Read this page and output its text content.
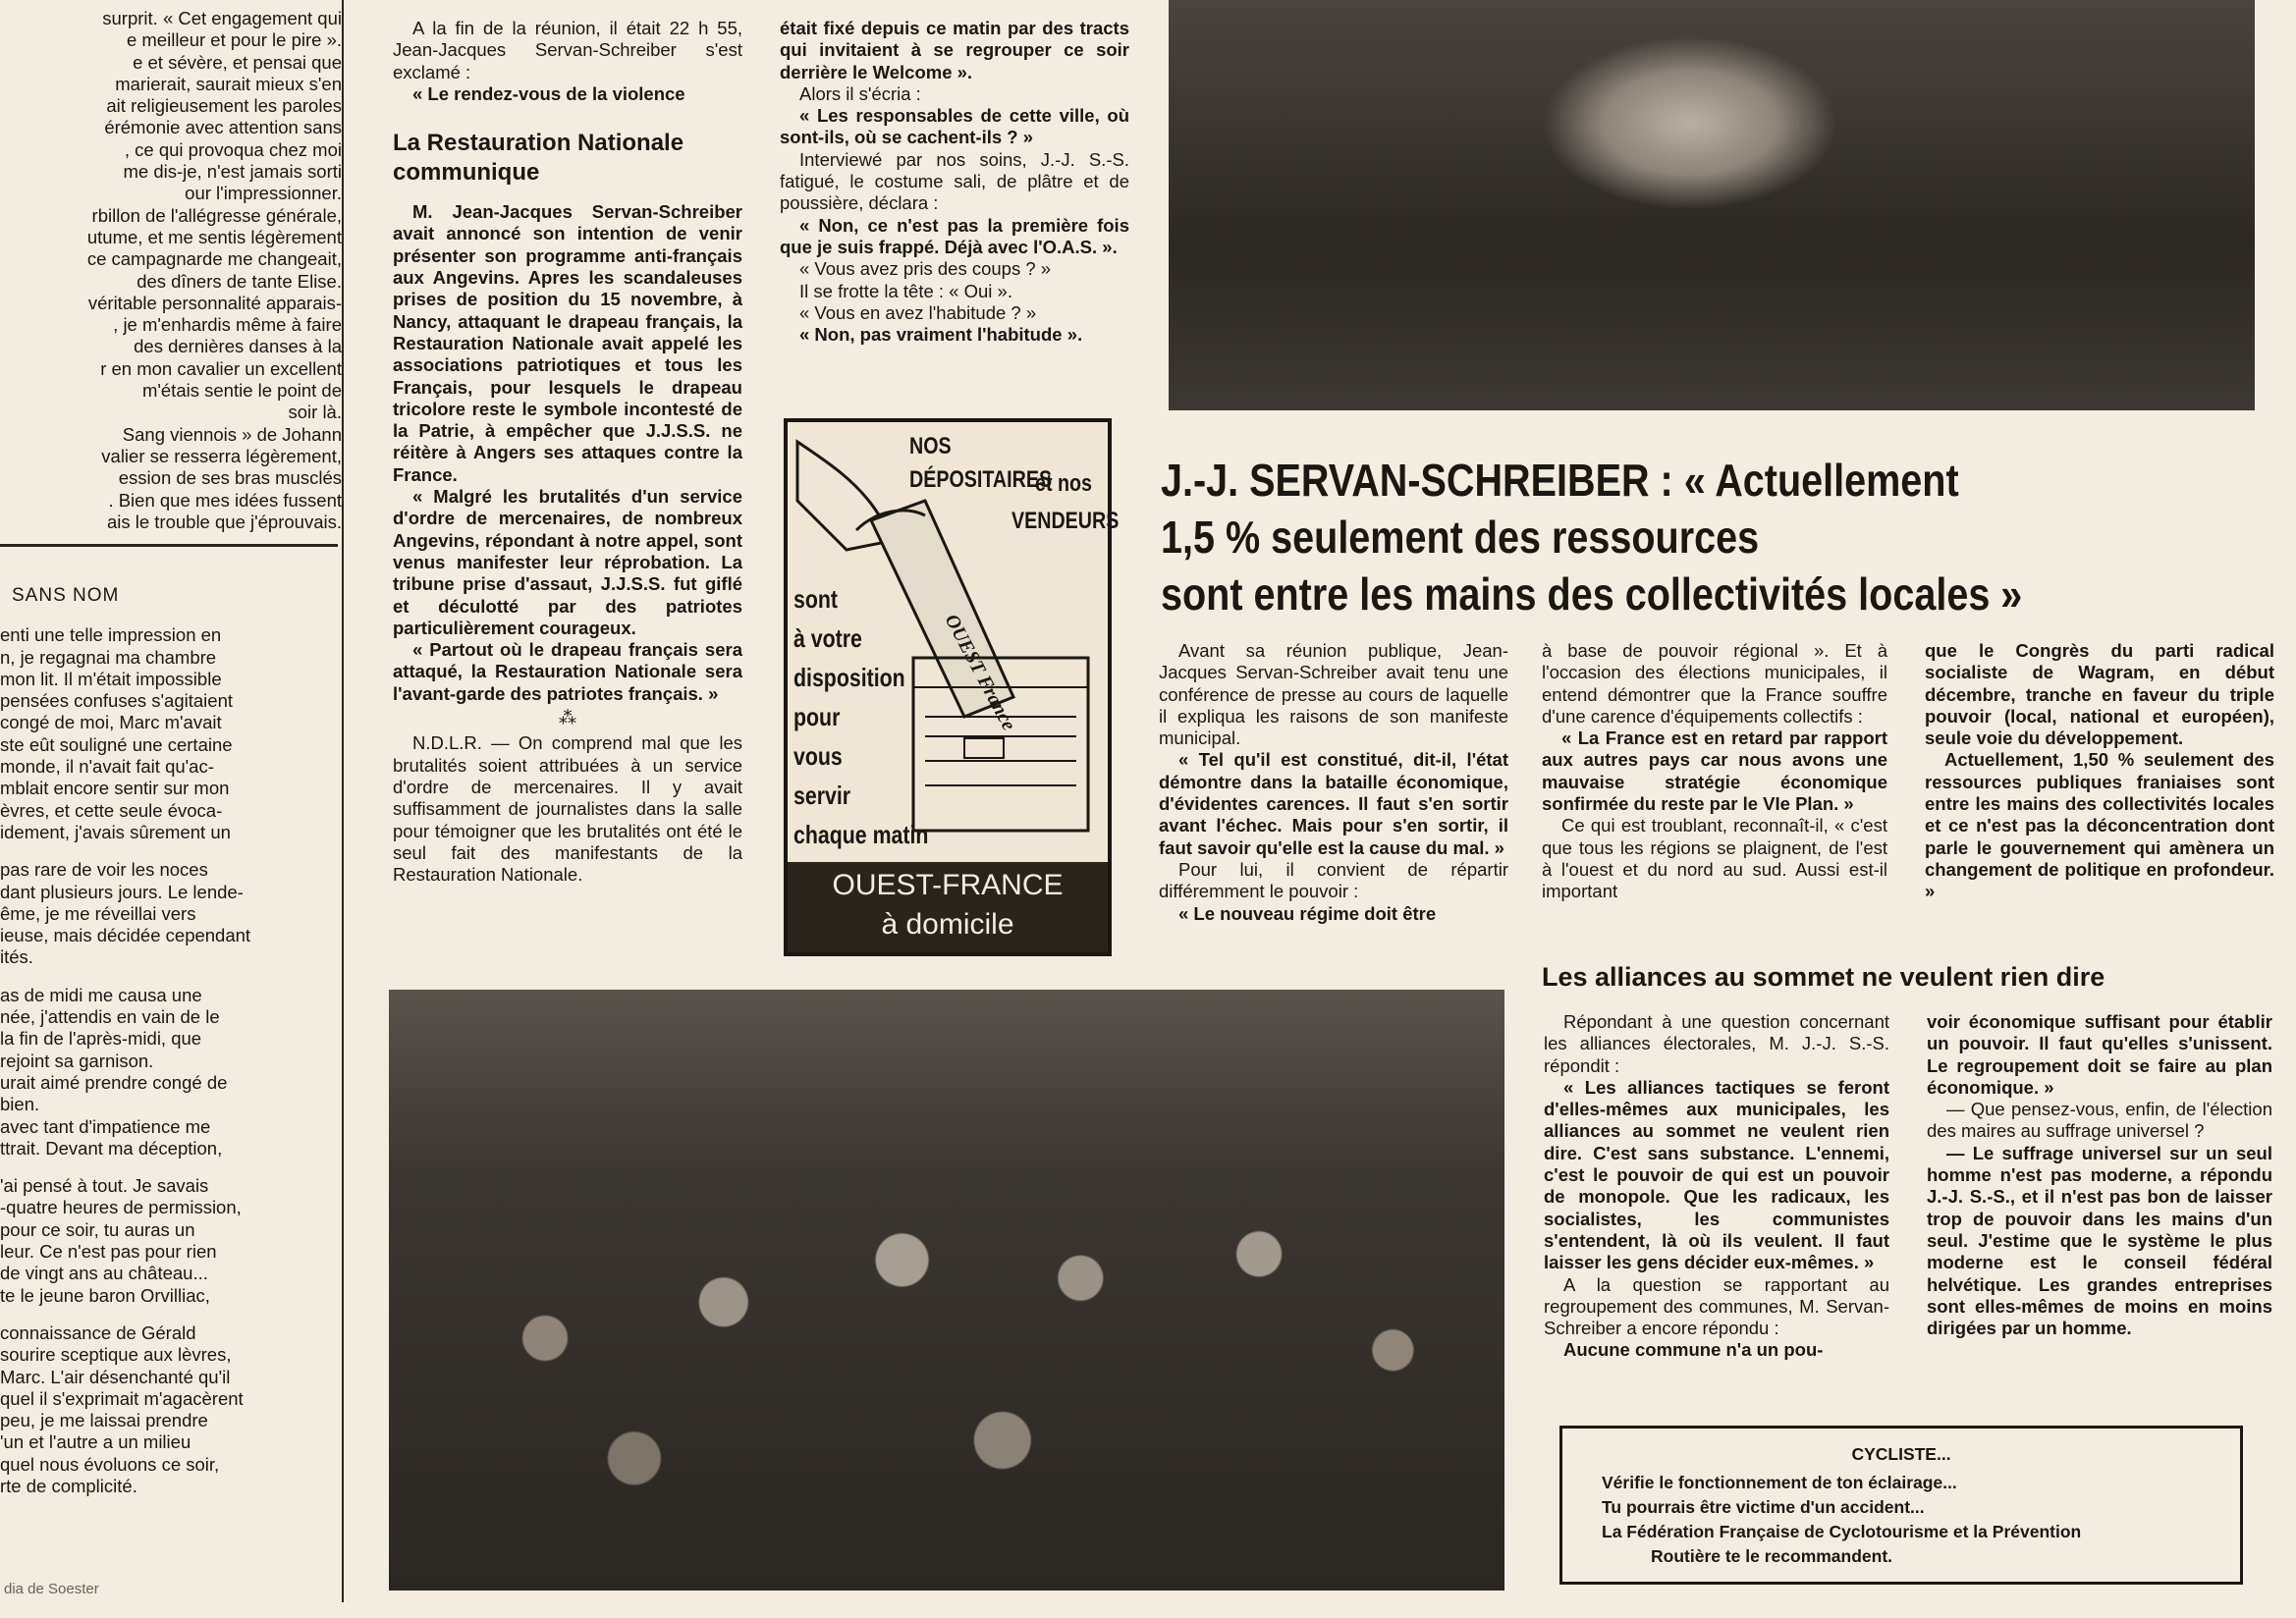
surprit. « Cet engagement qui
e meilleur et pour le pire ».
e et sévère, et pensai que
marierait, saurait mieux s'en
ait religieusement les paroles
érémonie avec attention sans
, ce qui provoqua chez moi
me dis-je, n'est jamais sorti
our l'impressionner.
rbillon de l'allégresse générale,
utume, et me sentis légèrement
ce campagnarde me changeait,
des dîners de tante Elise.
véritable personnalité apparais-
, je m'enhardis même à faire
des dernières danses à la
r en mon cavalier un excellent
m'étais sentie le point de
soir là.
Sang viennois » de Johann
valier se resserra légèrement,
ession de ses bras musclés
. Bien que mes idées fussent
ais le trouble que j'éprouvais.
SANS NOM
enti une telle impression en
n, je regagnai ma chambre
mon lit. Il m'était impossible
pensées confuses s'agitaient
congé de moi, Marc m'avait
ste eût souligné une certaine
monde, il n'avait fait qu'ac-
mblait encore sentir sur mon
èvres, et cette seule évoca-
idement, j'avais sûrement un
pas rare de voir les noces
dant plusieurs jours. Le lende-
ême, je me réveillai vers
ieuse, mais décidée cependant
ités.
as de midi me causa une
née, j'attendis en vain de le
la fin de l'après-midi, que
rejoint sa garnison.
urait aimé prendre congé de
bien.
avec tant d'impatience me
ttrait. Devant ma déception,
'ai pensé à tout. Je savais
-quatre heures de permission,
pour ce soir, tu auras un
leur. Ce n'est pas pour rien
de vingt ans au château...
te le jeune baron Orvilliac,
connaissance de Gérald
sourire sceptique aux lèvres,
Marc. L'air désenchanté qu'il
quel il s'exprimait m'agacèrent
peu, je me laissai prendre
'un et l'autre a un milieu
quel nous évoluons ce soir,
rte de complicité.
dia de Soester

A la fin de la réunion, il était 22 h 55, Jean-Jacques Servan-Schreiber s'est exclamé :

« Le rendez-vous de la violence

La Restauration Nationale communique

M. Jean-Jacques Servan-Schreiber avait annoncé son intention de venir présenter son programme anti-français aux Angevins. Apres les scandaleuses prises de position du 15 novembre, à Nancy, attaquant le drapeau français, la Restauration Nationale avait appelé les associations patriotiques et tous les Français, pour lesquels le drapeau tricolore reste le symbole incontesté de la Patrie, à empêcher que J.J.S.S. ne réitère à Angers ses attaques contre la France.

« Malgré les brutalités d'un service d'ordre de mercenaires, de nombreux Angevins, répondant à notre appel, sont venus manifester leur réprobation. La tribune prise d'assaut, J.J.S.S. fut giflé et déculotté par des patriotes particulièrement courageux.

« Partout où le drapeau français sera attaqué, la Restauration Nationale sera l'avant-garde des patriotes français. »

⁂

N.D.L.R. — On comprend mal que les brutalités soient attribuées à un service d'ordre de mercenaires. Il y avait suffisamment de journalistes dans la salle pour témoigner que les brutalités ont été le seul fait des manifestants de la Restauration Nationale.

était fixé depuis ce matin par des tracts qui invitaient à se regrouper ce soir derrière le Welcome ».

Alors il s'écria :

« Les responsables de cette ville, où sont-ils, où se cachent-ils ? »

Interviewé par nos soins, J.-J. S.-S. fatigué, le costume sali, de plâtre et de poussière, déclara :

« Non, ce n'est pas la première fois que je suis frappé. Déjà avec l'O.A.S. ».

« Vous avez pris des coups ? »

Il se frotte la tête : « Oui ».

« Vous en avez l'habitude ? »

« Non, pas vraiment l'habitude ».

OUEST France
NOS DÉPOSITAIRES
et nos
VENDEURS
sont
à votre
disposition
pour
vous
servir
chaque matin
OUEST-FRANCE
à domicile
J.-J. SERVAN-SCHREIBER : « Actuellement
1,5 % seulement des ressources
sont entre les mains des collectivités locales »

Avant sa réunion publique, Jean-Jacques Servan-Schreiber avait tenu une conférence de presse au cours de laquelle il expliqua les raisons de son manifeste municipal.

« Tel qu'il est constitué, dit-il, l'état démontre dans la bataille économique, d'évidentes carences. Il faut s'en sortir avant l'échec. Mais pour s'en sortir, il faut savoir qu'elle est la cause du mal. »

Pour lui, il convient de répartir différemment le pouvoir :

« Le nouveau régime doit être

à base de pouvoir régional ». Et à l'occasion des élections municipales, il entend démontrer que la France souffre d'une carence d'équipements collectifs :

« La France est en retard par rapport aux autres pays car nous avons une mauvaise stratégie économique sonfirmée du reste par le VIe Plan. »

Ce qui est troublant, reconnaît-il, « c'est que tous les régions se plaignent, de l'est à l'ouest et du nord au sud. Aussi est-il important

que le Congrès du parti radical socialiste de Wagram, en début décembre, tranche en faveur du triple pouvoir (local, national et européen), seule voie du développement.

Actuellement, 1,50 % seulement des ressources publiques franiaises sont entre les mains des collectivités locales et ce n'est pas la déconcentration dont parle le gouvernement qui amènera un changement de politique en profondeur. »

Les alliances au sommet ne veulent rien dire

Répondant à une question concernant les alliances électorales, M. J.-J. S.-S. répondit :

« Les alliances tactiques se feront d'elles-mêmes aux municipales, les alliances au sommet ne veulent rien dire. C'est sans substance. L'ennemi, c'est le pouvoir de qui est un pouvoir de monopole. Que les radicaux, les socialistes, les communistes s'entendent, là où ils veulent. Il faut laisser les gens décider eux-mêmes. »

A la question se rapportant au regroupement des communes, M. Servan-Schreiber a encore répondu :

Aucune commune n'a un pou-

voir économique suffisant pour établir un pouvoir. Il faut qu'elles s'unissent. Le regroupement doit se faire au plan économique. »

— Que pensez-vous, enfin, de l'élection des maires au suffrage universel ?

— Le suffrage universel sur un seul homme n'est pas moderne, a répondu J.-J. S.-S., et il n'est pas bon de laisser trop de pouvoir dans les mains d'un seul. J'estime que le système le plus moderne est le conseil fédéral helvétique. Les grandes entreprises sont elles-mêmes de moins en moins dirigées par un homme.

CYCLISTE...
Vérifie le fonctionnement de ton éclairage...
Tu pourrais être victime d'un accident...
La Fédération Française de Cyclotourisme et la Prévention
Routière te le recommandent.
